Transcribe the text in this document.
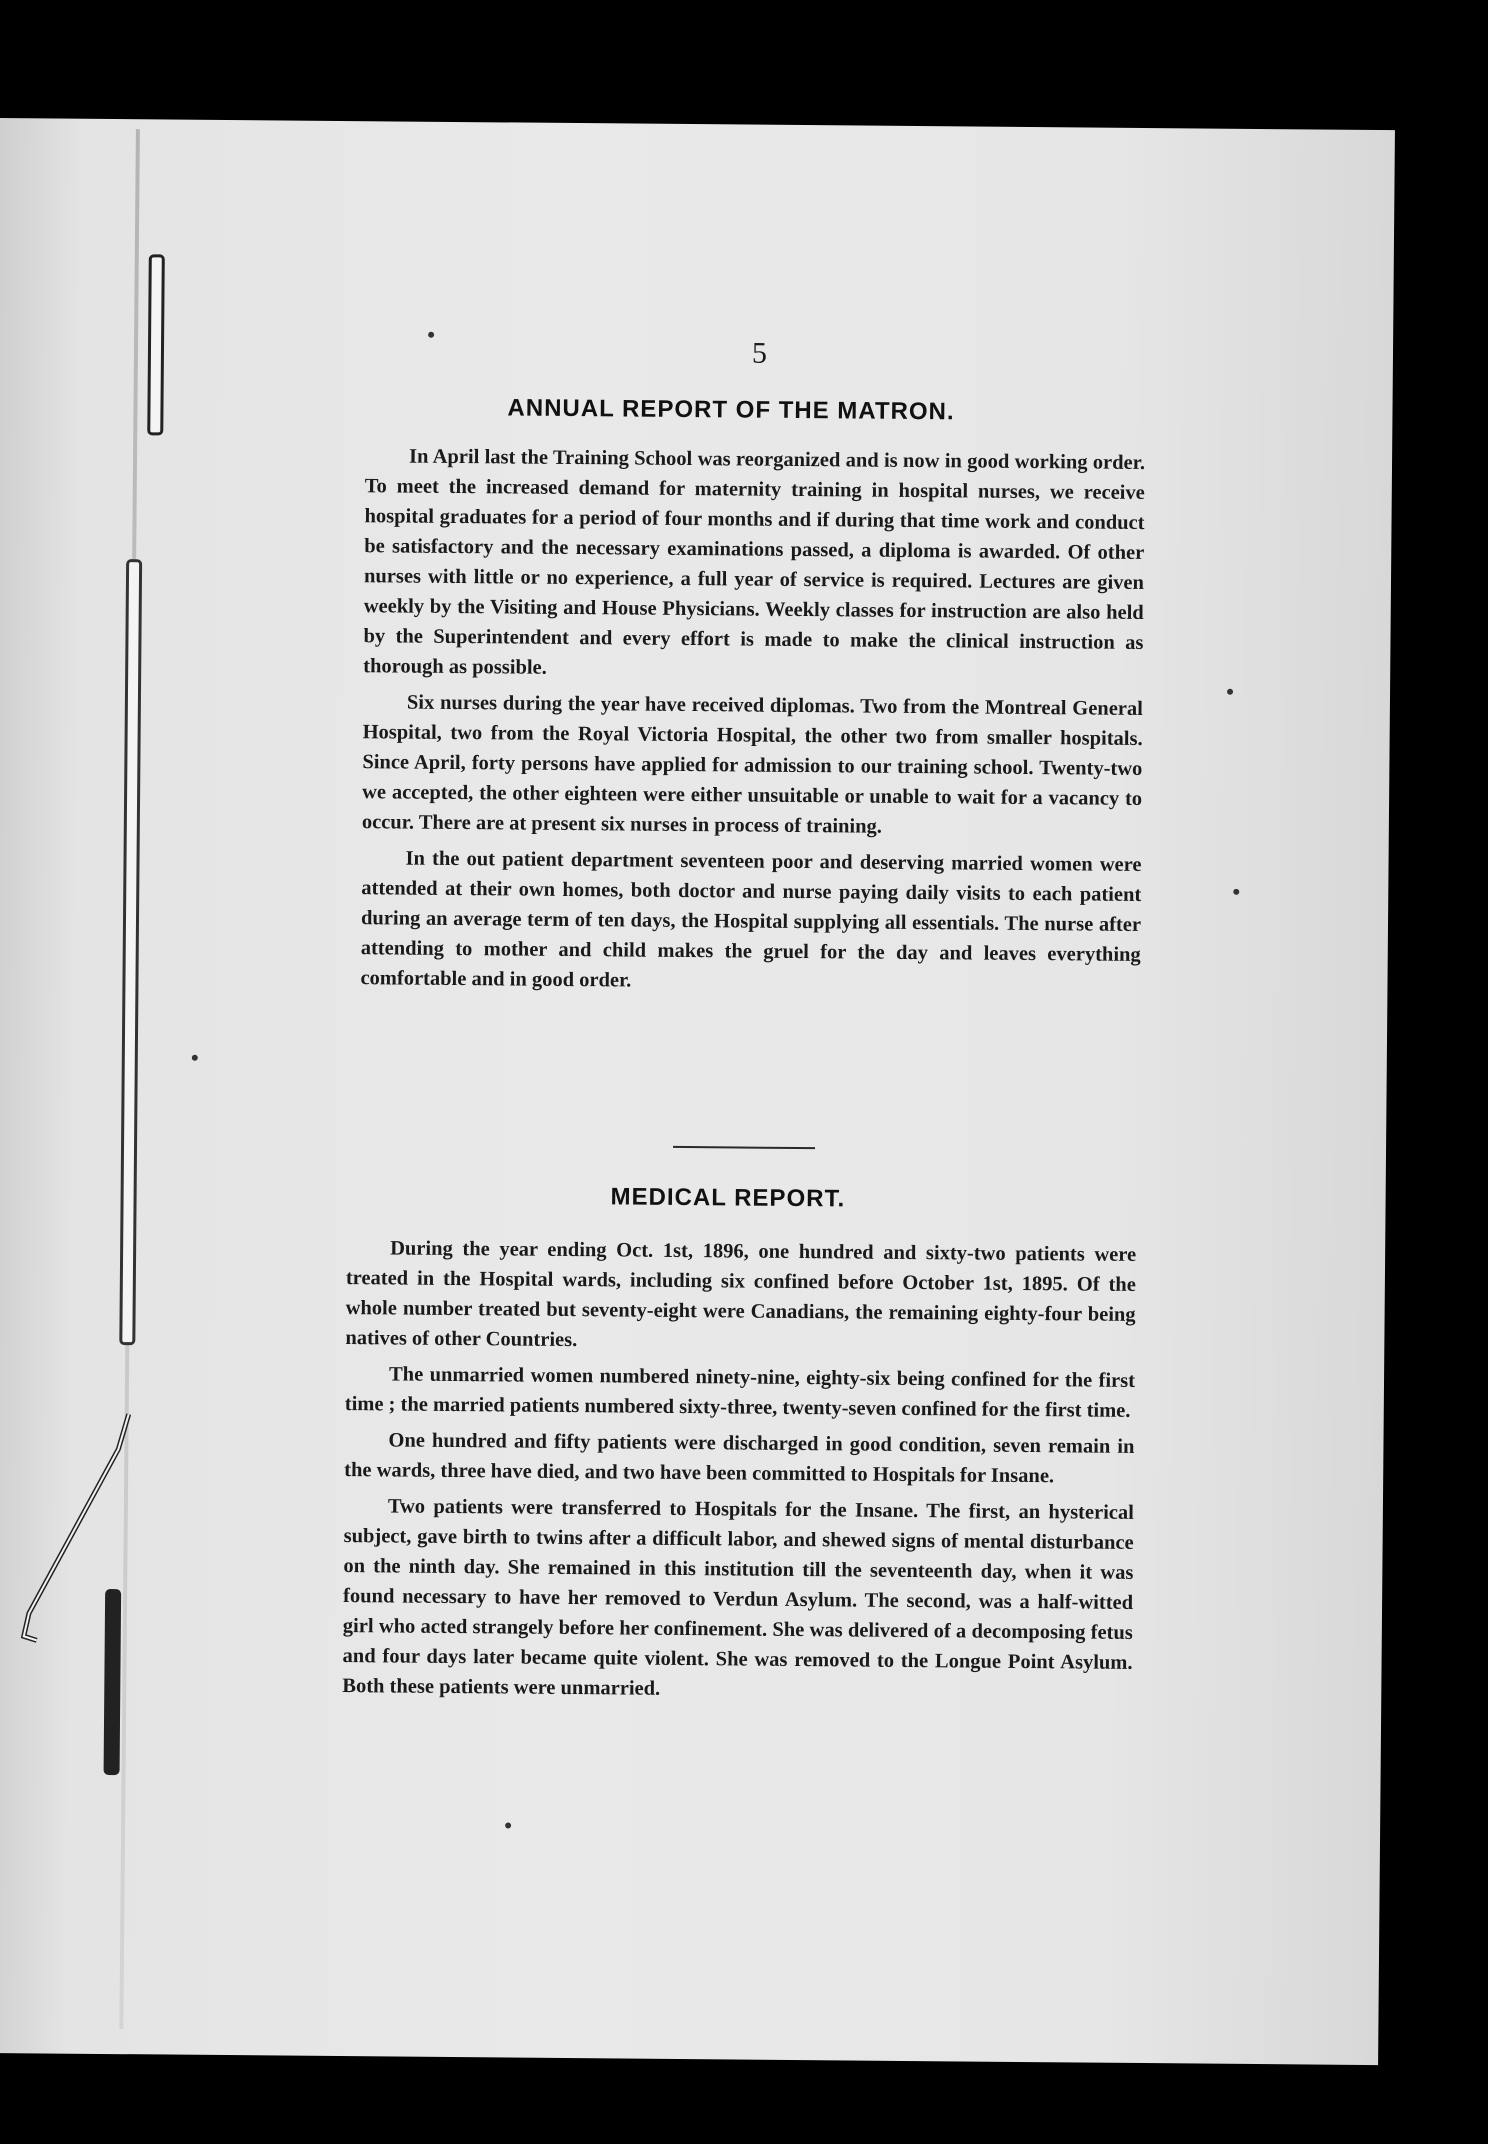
5
ANNUAL REPORT OF THE MATRON.

In April last the Training School was reorganized and is now in good working order. To meet the increased demand for maternity training in hospital nurses, we receive hospital graduates for a period of four months and if during that time work and conduct be satisfactory and the necessary examinations passed, a diploma is awarded. Of other nurses with little or no experience, a full year of service is required. Lectures are given weekly by the Visiting and House Physicians. Weekly classes for instruction are also held by the Superintendent and every effort is made to make the clinical instruction as thorough as possible.

Six nurses during the year have received diplomas. Two from the Montreal General Hospital, two from the Royal Victoria Hospital, the other two from smaller hospitals. Since April, forty persons have applied for admission to our training school. Twenty-two we accepted, the other eighteen were either unsuitable or unable to wait for a vacancy to occur. There are at present six nurses in process of training.

In the out patient department seventeen poor and deserving married women were attended at their own homes, both doctor and nurse paying daily visits to each patient during an average term of ten days, the Hospital supplying all essentials. The nurse after attending to mother and child makes the gruel for the day and leaves everything comfortable and in good order.

MEDICAL REPORT.

During the year ending Oct. 1st, 1896, one hundred and sixty-two patients were treated in the Hospital wards, including six confined before October 1st, 1895. Of the whole number treated but seventy-eight were Canadians, the remaining eighty-four being natives of other Countries.

The unmarried women numbered ninety-nine, eighty-six being confined for the first time ; the married patients numbered sixty-three, twenty-seven confined for the first time.

One hundred and fifty patients were discharged in good condition, seven remain in the wards, three have died, and two have been committed to Hospitals for Insane.

Two patients were transferred to Hospitals for the Insane. The first, an hysterical subject, gave birth to twins after a difficult labor, and shewed signs of mental disturbance on the ninth day. She remained in this institution till the seventeenth day, when it was found necessary to have her removed to Verdun Asylum. The second, was a half-witted girl who acted strangely before her confinement. She was delivered of a decomposing fetus and four days later became quite violent. She was removed to the Longue Point Asylum. Both these patients were unmarried.
